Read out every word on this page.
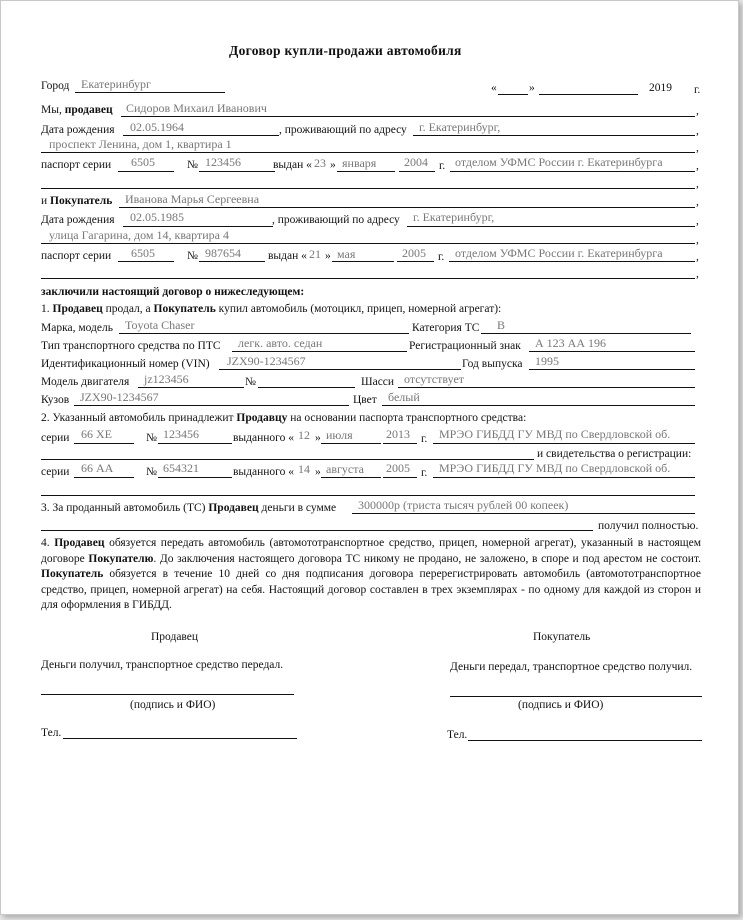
Договор купли-продажи автомобиля
Город Екатеринбург	«	»	2019 г.
Мы, продавец Сидоров Михаил Иванович	,
Дата рождения 02.05.1964	, проживающий по адресу г. Екатеринбург,	,
проспект Ленина, дом 1, квартира 1	,
паспорт серии 6505	№ 123456	выдан « 23 » января 2004 г. отделом УФМС России г. Екатеринбурга	,
,
и Покупатель Иванова Марья Сергеевна	,
Дата рождения 02.05.1985	, проживающий по адресу г. Екатеринбург,	,
улица Гагарина, дом 14, квартира 4	,
паспорт серии 6505	№ 987654 выдан « 21 » мая	2005 г. отделом УФМС России г. Екатеринбурга	,
,
заключили настоящий договор о нижеследующем:
1. Продавец продал, а Покупатель купил автомобиль (мотоцикл, прицеп, номерной агрегат):
Марка, модель Toyota Chaser	Категория ТС B
Тип транспортного средства по ПТС легк. авто. седан	Регистрационный знак А 123 АА 196
Идентификационный номер (VIN) JZX90-1234567	Год выпуска 1995
Модель двигателя jz123456	№	Шасси отсутствует
Кузов JZX90-1234567	Цвет белый
2. Указанный автомобиль принадлежит Продавцу на основании паспорта транспортного средства:
серии 66 ХЕ	№ 123456	выданного « 12 » июля	2013 г. МРЭО ГИБДД ГУ МВД по Свердловской об.
и свидетельства о регистрации:
серии 66 АА	№ 654321	выданного « 14 » августа 2005 г. МРЭО ГИБДД ГУ МВД по Свердловской об.
3. За проданный автомобиль (ТС) Продавец деньги в сумме 300000р (триста тысяч рублей 00 копеек)
получил полностью.
4. Продавец обязуется передать автомобиль (автомототранспортное средство, прицеп, номерной агрегат), указанный в настоящем договоре Покупателю. До заключения настоящего договора ТС никому не продано, не заложено, в споре и под арестом не состоит. Покупатель обязуется в течение 10 дней со дня подписания договора перерегистрировать автомобиль (автомототранспортное средство, прицеп, номерной агрегат) на себя. Настоящий договор составлен в трех экземплярах - по одному для каждой из сторон и для оформления в ГИБДД.
Продавец	Покупатель
Деньги получил, транспортное средство передал.	Деньги передал, транспортное средство получил.
(подпись и ФИО)	(подпись и ФИО)
Тел.	Тел.
